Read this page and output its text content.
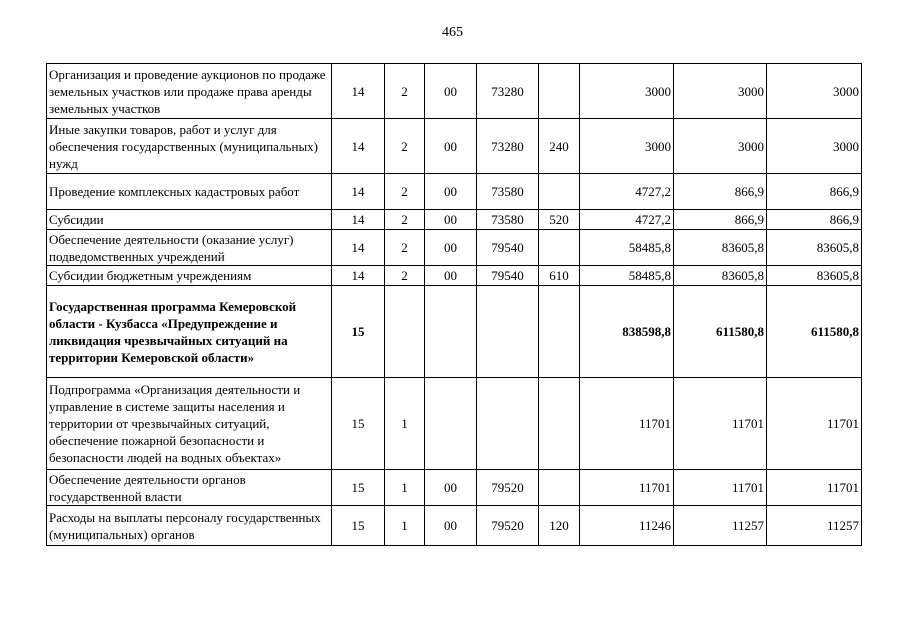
465
Организация и проведение аукционов по продаже земельных участков или продаже права аренды земельных участков	14	2	00	73280		3000	3000	3000
Иные закупки товаров, работ и услуг для обеспечения государственных (муниципальных) нужд	14	2	00	73280	240	3000	3000	3000
Проведение комплексных кадастровых работ	14	2	00	73580		4727,2	866,9	866,9
Субсидии	14	2	00	73580	520	4727,2	866,9	866,9
Обеспечение деятельности (оказание услуг) подведомственных учреждений	14	2	00	79540		58485,8	83605,8	83605,8
Субсидии бюджетным учреждениям	14	2	00	79540	610	58485,8	83605,8	83605,8
Государственная программа Кемеровской области - Кузбасса «Предупреждение и ликвидация чрезвычайных ситуаций на территории Кемеровской области»	15					838598,8	611580,8	611580,8
Подпрограмма «Организация деятельности и управление в системе защиты населения и территории от чрезвычайных ситуаций, обеспечение пожарной безопасности и безопасности людей на водных объектах»	15	1				11701	11701	11701
Обеспечение деятельности органов государственной власти	15	1	00	79520		11701	11701	11701
Расходы на выплаты персоналу государственных (муниципальных) органов	15	1	00	79520	120	11246	11257	11257
